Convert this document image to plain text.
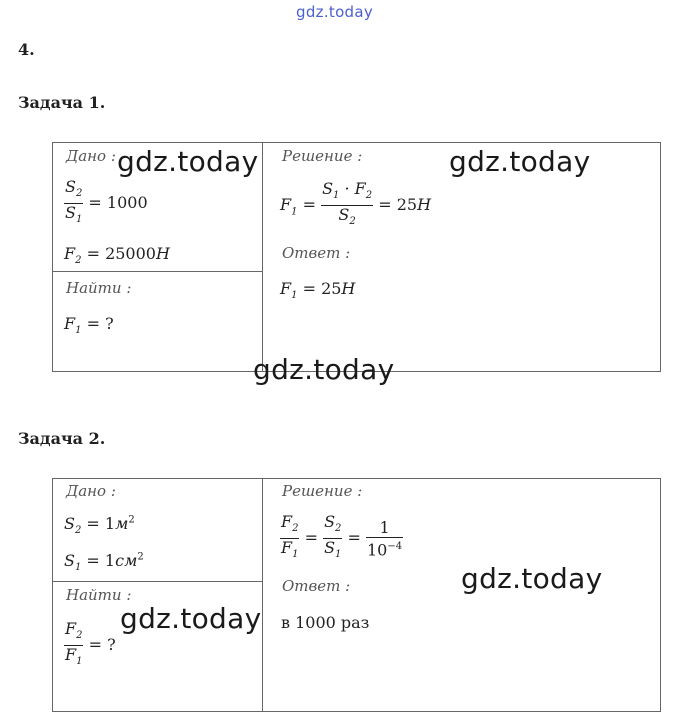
gdz.today
4.
Задача 1.
Дано :
$\frac{S_2}{S_1} = 1000$
$F_2 = 25000H$
Найти :
$F_1$ = ?
Решение :
$F_1 = \frac{S_1 \cdot F_2}{S_2} = 25H$
Ответ :
$F_1 = 25H$
gdz.today	gdz.today
gdz.today
Задача 2.
Дано :
$S_2 = 1м^2$
$S_1 = 1см^2$
Найти :
$\frac{F_2}{F_1}$ = ?
Решение :
$\frac{F_2}{F_1} = \frac{S_2}{S_1} = \frac{1}{10^{-4}}$
Ответ :
в 1000 раз
gdz.today
gdz.today
